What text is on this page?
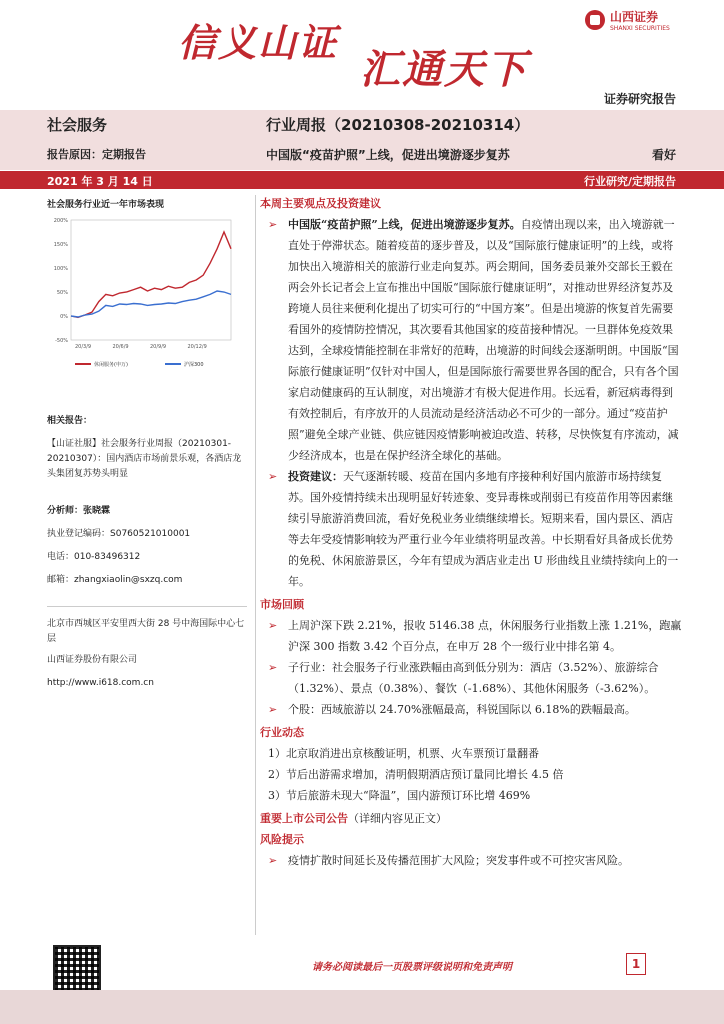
信义山证
汇通天下
山西证券
SHANXI SECURITIES
证券研究报告
社会服务
报告原因：定期报告
行业周报（20210308-20210314）
中国版“疫苗护照”上线，促进出境游逐步复苏	看好
2021 年 3 月 14 日	行业研究/定期报告
社会服务行业近一年市场表现
200%
150%
100%
50%
0%
-50%
20/3/9	20/6/9	20/9/9	20/12/9
休闲服务(申万)	沪深300
相关报告：
【山证社服】社会服务行业周报（20210301-20210307）：国内酒店市场前景乐观，各酒店龙头集团复苏势头明显
分析师：张晓霖
执业登记编码：S0760521010001
电话：010-83496312
邮箱：zhangxiaolin@sxzq.com
北京市西城区平安里西大街 28 号中海国际中心七层
山西证券股份有限公司
http://www.i618.com.cn
本周主要观点及投资建议
➢ 中国版“疫苗护照”上线，促进出境游逐步复苏。自疫情出现以来，出入境游就一直处于停滞状态。随着疫苗的逐步普及，以及“国际旅行健康证明”的上线，或将加快出入境游相关的旅游行业走向复苏。两会期间，国务委员兼外交部长王毅在两会外长记者会上宣布推出中国版“国际旅行健康证明”，对推动世界经济复苏及跨境人员往来便利化提出了切实可行的“中国方案”。但是出境游的恢复首先需要看国外的疫情防控情况，其次要看其他国家的疫苗接种情况。一旦群体免疫效果达到，全球疫情能控制在非常好的范畴，出境游的时间线会逐渐明朗。中国版“国际旅行健康证明”仅针对中国人，但是国际旅行需要世界各国的配合，只有各个国家启动健康码的互认制度，对出境游才有极大促进作用。长远看，新冠病毒得到有效控制后，有序放开的人员流动是经济活动必不可少的一部分。通过“疫苗护照”避免全球产业链、供应链因疫情影响被迫改造、转移，尽快恢复有序流动，减少经济成本，也是在保护经济全球化的基础。
➢ 投资建议：天气逐渐转暖、疫苗在国内多地有序接种利好国内旅游市场持续复苏。国外疫情持续未出现明显好转迹象、变异毒株或削弱已有疫苗作用等因素继续引导旅游消费回流，看好免税业务业绩继续增长。短期来看，国内景区、酒店等去年受疫情影响较为严重行业今年业绩将明显改善。中长期看好具备成长优势的免税、休闲旅游景区，今年有望成为酒店业走出 U 形曲线且业绩持续向上的一年。
市场回顾
➢ 上周沪深下跌 2.21%，报收 5146.38 点，休闲服务行业指数上涨 1.21%，跑赢沪深 300 指数 3.42 个百分点，在申万 28 个一级行业中排名第 4。
➢ 子行业：社会服务子行业涨跌幅由高到低分别为：酒店（3.52%）、旅游综合（1.32%）、景点（0.38%）、餐饮（-1.68%）、其他休闲服务（-3.62%）。
➢ 个股：西域旅游以 24.70%涨幅最高，科锐国际以 6.18%的跌幅最高。
行业动态
1）北京取消进出京核酸证明，机票、火车票预订量翻番
2）节后出游需求增加，清明假期酒店预订量同比增长 4.5 倍
3）节后旅游未现大“降温”，国内游预订环比增 469%
重要上市公司公告（详细内容见正文）
风险提示
➢ 疫情扩散时间延长及传播范围扩大风险；突发事件或不可控灾害风险。
请务必阅读最后一页股票评级说明和免责声明	1
